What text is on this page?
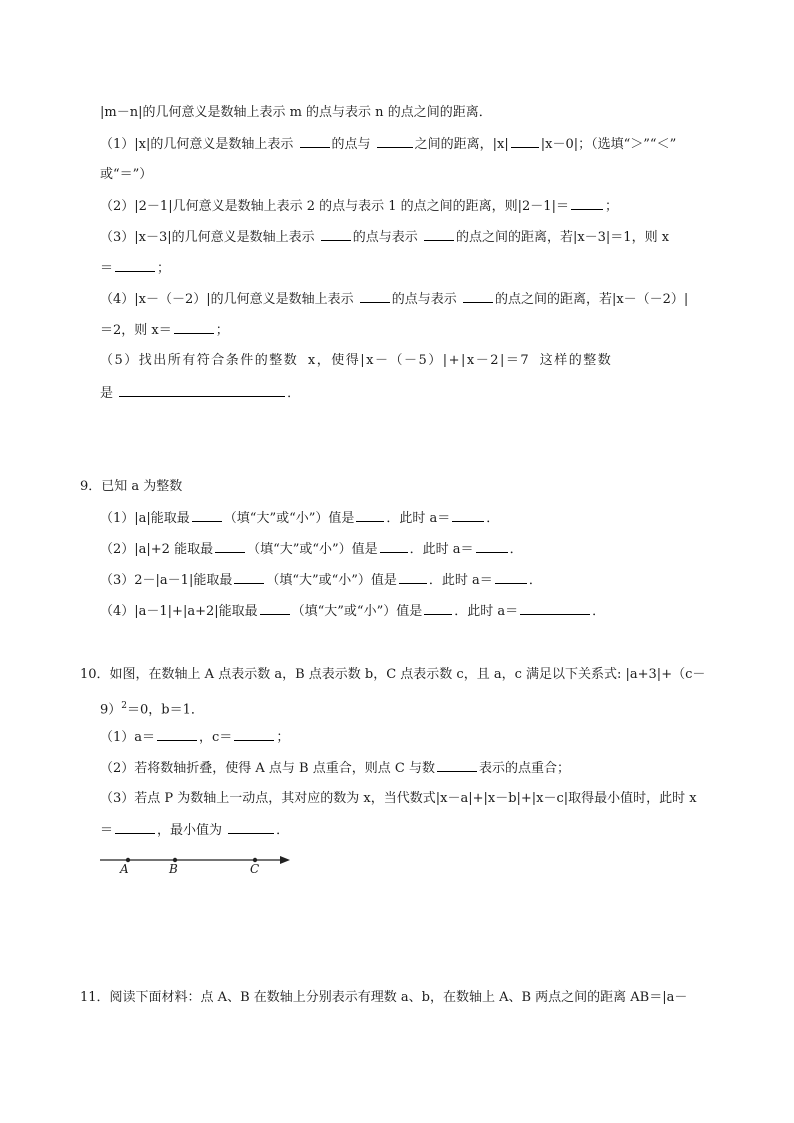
|m－n|的几何意义是数轴上表示 m 的点与表示 n 的点之间的距离．
（1）|x|的几何意义是数轴上表示	的点与	之间的距离，|x| |x－0|；（选填“＞”“＜”
或“＝”）
（2）|2－1|几何意义是数轴上表示 2 的点与表示 1 的点之间的距离，则|2－1|＝	；
（3）|x－3|的几何意义是数轴上表示	的点与表示	的点之间的距离，若|x－3|＝1，则 x
＝	；
（4）|x－（－2）|的几何意义是数轴上表示	的点与表示	的点之间的距离，若|x－（－2）|
＝2，则 x＝	；
（5）找出所有符合条件的整数 x，使得|x－（－5）|+|x－2|＝7 这样的整数
是	．
9．已知 a 为整数
（1）|a|能取最	（填“大”或“小”）值是 ．此时 a＝	．
（2）|a|+2 能取最	（填“大”或“小”）值是 ．此时 a＝	．
（3）2－|a－1|能取最	（填“大”或“小”）值是 ．此时 a＝	．
（4）|a－1|+|a+2|能取最	（填“大”或“小”）值是 ．此时 a＝	．
10．如图，在数轴上 A 点表示数 a，B 点表示数 b，C 点表示数 c，且 a，c 满足以下关系式: |a+3|+（c－
9）$^2$＝0，b＝1．
（1）a＝	，c＝	；
（2）若将数轴折叠，使得 A 点与 B 点重合，则点 C 与数	表示的点重合；
（3）若点 P 为数轴上一动点，其对应的数为 x，当代数式|x－a|+|x－b|+|x－c|取得最小值时，此时 x
＝	，最小值为	．
A	B	C
11．阅读下面材料：点 A、B 在数轴上分别表示有理数 a、b，在数轴上 A、B 两点之间的距离 AB＝|a－
